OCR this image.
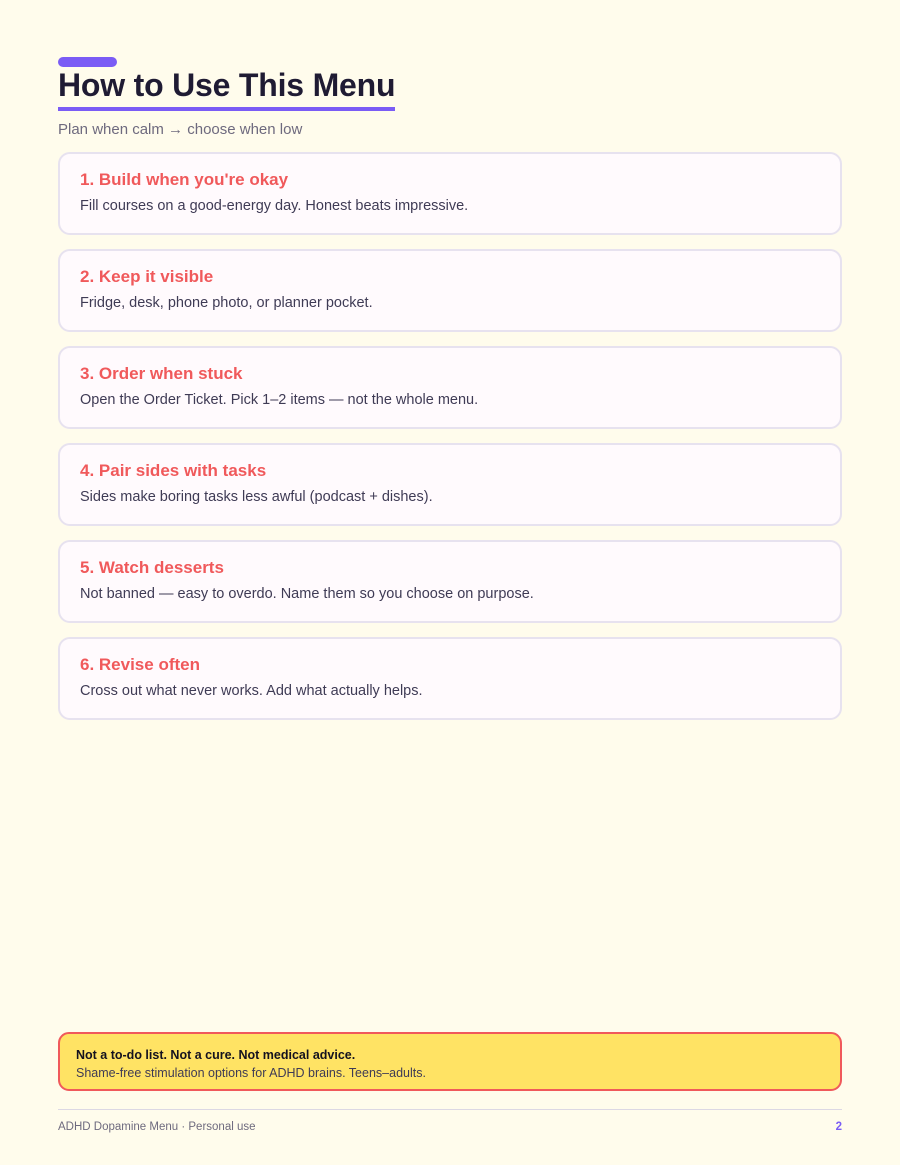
How to Use This Menu
Plan when calm → choose when low
1. Build when you're okay
Fill courses on a good-energy day. Honest beats impressive.
2. Keep it visible
Fridge, desk, phone photo, or planner pocket.
3. Order when stuck
Open the Order Ticket. Pick 1–2 items — not the whole menu.
4. Pair sides with tasks
Sides make boring tasks less awful (podcast + dishes).
5. Watch desserts
Not banned — easy to overdo. Name them so you choose on purpose.
6. Revise often
Cross out what never works. Add what actually helps.
Not a to-do list. Not a cure. Not medical advice.
Shame-free stimulation options for ADHD brains. Teens–adults.
ADHD Dopamine Menu · Personal use	2
